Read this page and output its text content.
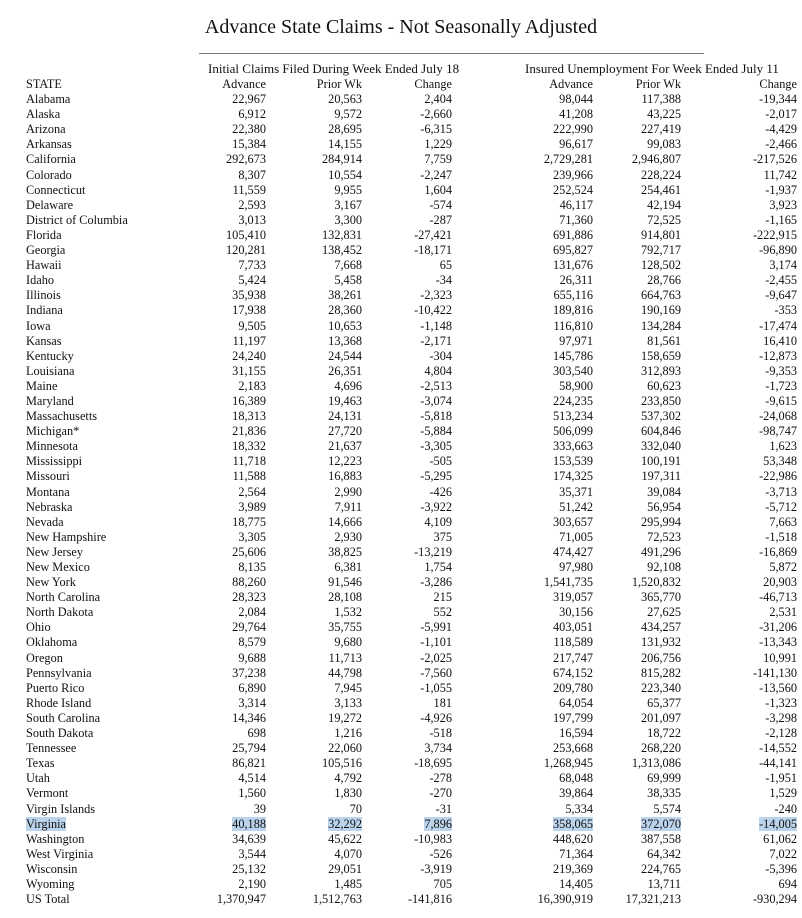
Advance State Claims - Not Seasonally Adjusted
Initial Claims Filed During Week Ended July 18	Insured Unemployment For Week Ended July 11
STATE	Advance	Prior Wk	Change	Advance	Prior Wk	Change
Alabama	22,967	20,563	2,404	98,044	117,388	-19,344
Alaska	6,912	9,572	-2,660	41,208	43,225	-2,017
Arizona	22,380	28,695	-6,315	222,990	227,419	-4,429
Arkansas	15,384	14,155	1,229	96,617	99,083	-2,466
California	292,673	284,914	7,759	2,729,281	2,946,807	-217,526
Colorado	8,307	10,554	-2,247	239,966	228,224	11,742
Connecticut	11,559	9,955	1,604	252,524	254,461	-1,937
Delaware	2,593	3,167	-574	46,117	42,194	3,923
District of Columbia	3,013	3,300	-287	71,360	72,525	-1,165
Florida	105,410	132,831	-27,421	691,886	914,801	-222,915
Georgia	120,281	138,452	-18,171	695,827	792,717	-96,890
Hawaii	7,733	7,668	65	131,676	128,502	3,174
Idaho	5,424	5,458	-34	26,311	28,766	-2,455
Illinois	35,938	38,261	-2,323	655,116	664,763	-9,647
Indiana	17,938	28,360	-10,422	189,816	190,169	-353
Iowa	9,505	10,653	-1,148	116,810	134,284	-17,474
Kansas	11,197	13,368	-2,171	97,971	81,561	16,410
Kentucky	24,240	24,544	-304	145,786	158,659	-12,873
Louisiana	31,155	26,351	4,804	303,540	312,893	-9,353
Maine	2,183	4,696	-2,513	58,900	60,623	-1,723
Maryland	16,389	19,463	-3,074	224,235	233,850	-9,615
Massachusetts	18,313	24,131	-5,818	513,234	537,302	-24,068
Michigan*	21,836	27,720	-5,884	506,099	604,846	-98,747
Minnesota	18,332	21,637	-3,305	333,663	332,040	1,623
Mississippi	11,718	12,223	-505	153,539	100,191	53,348
Missouri	11,588	16,883	-5,295	174,325	197,311	-22,986
Montana	2,564	2,990	-426	35,371	39,084	-3,713
Nebraska	3,989	7,911	-3,922	51,242	56,954	-5,712
Nevada	18,775	14,666	4,109	303,657	295,994	7,663
New Hampshire	3,305	2,930	375	71,005	72,523	-1,518
New Jersey	25,606	38,825	-13,219	474,427	491,296	-16,869
New Mexico	8,135	6,381	1,754	97,980	92,108	5,872
New York	88,260	91,546	-3,286	1,541,735	1,520,832	20,903
North Carolina	28,323	28,108	215	319,057	365,770	-46,713
North Dakota	2,084	1,532	552	30,156	27,625	2,531
Ohio	29,764	35,755	-5,991	403,051	434,257	-31,206
Oklahoma	8,579	9,680	-1,101	118,589	131,932	-13,343
Oregon	9,688	11,713	-2,025	217,747	206,756	10,991
Pennsylvania	37,238	44,798	-7,560	674,152	815,282	-141,130
Puerto Rico	6,890	7,945	-1,055	209,780	223,340	-13,560
Rhode Island	3,314	3,133	181	64,054	65,377	-1,323
South Carolina	14,346	19,272	-4,926	197,799	201,097	-3,298
South Dakota	698	1,216	-518	16,594	18,722	-2,128
Tennessee	25,794	22,060	3,734	253,668	268,220	-14,552
Texas	86,821	105,516	-18,695	1,268,945	1,313,086	-44,141
Utah	4,514	4,792	-278	68,048	69,999	-1,951
Vermont	1,560	1,830	-270	39,864	38,335	1,529
Virgin Islands	39	70	-31	5,334	5,574	-240
Virginia	40,188	32,292	7,896	358,065	372,070	-14,005
Washington	34,639	45,622	-10,983	448,620	387,558	61,062
West Virginia	3,544	4,070	-526	71,364	64,342	7,022
Wisconsin	25,132	29,051	-3,919	219,369	224,765	-5,396
Wyoming	2,190	1,485	705	14,405	13,711	694
US Total	1,370,947	1,512,763	-141,816	16,390,919	17,321,213	-930,294
